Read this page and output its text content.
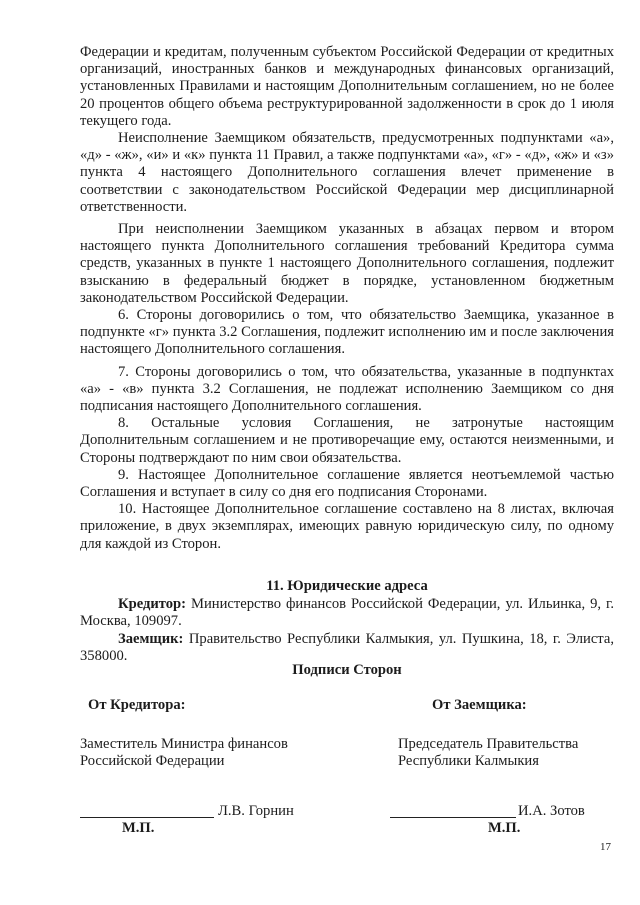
Федерации и кредитам, полученным субъектом Российской Федерации от кредитных организаций, иностранных банков и международных финансовых организаций, установленных Правилами и настоящим Дополнительным соглашением, но не более 20 процентов общего объема реструктурированной задолженности в срок до 1 июля текущего года.

Неисполнение Заемщиком обязательств, предусмотренных подпунктами «а», «д» - «ж», «и» и «к» пункта 11 Правил, а также подпунктами «а», «г» - «д», «ж» и «з» пункта 4 настоящего Дополнительного соглашения влечет применение в соответствии с законодательством Российской Федерации мер дисциплинарной ответственности.

При неисполнении Заемщиком указанных в абзацах первом и втором настоящего пункта Дополнительного соглашения требований Кредитора сумма средств, указанных в пункте 1 настоящего Дополнительного соглашения, подлежит взысканию в федеральный бюджет в порядке, установленном бюджетным законодательством Российской Федерации.

6. Стороны договорились о том, что обязательство Заемщика, указанное в подпункте «г» пункта 3.2 Соглашения, подлежит исполнению им и после заключения настоящего Дополнительного соглашения.

7. Стороны договорились о том, что обязательства, указанные в подпунктах «а» - «в» пункта 3.2 Соглашения, не подлежат исполнению Заемщиком со дня подписания настоящего Дополнительного соглашения.

8. Остальные условия Соглашения, не затронутые настоящим Дополнительным соглашением и не противоречащие ему, остаются неизменными, и Стороны подтверждают по ним свои обязательства.

9. Настоящее Дополнительное соглашение является неотъемлемой частью Соглашения и вступает в силу со дня его подписания Сторонами.

10. Настоящее Дополнительное соглашение составлено на 8 листах, включая приложение, в двух экземплярах, имеющих равную юридическую силу, по одному для каждой из Сторон.

11. Юридические адреса
Кредитор: Министерство финансов Российской Федерации, ул. Ильинка, 9, г. Москва, 109097.
Заемщик: Правительство Республики Калмыкия, ул. Пушкина, 18, г. Элиста, 358000.
Подписи Сторон
От Кредитора:
Заместитель Министра финансов
Российской Федерации
Л.В. Горнин
М.П.
От Заемщика:
Председатель Правительства
Республики Калмыкия
И.А. Зотов
М.П.
17
